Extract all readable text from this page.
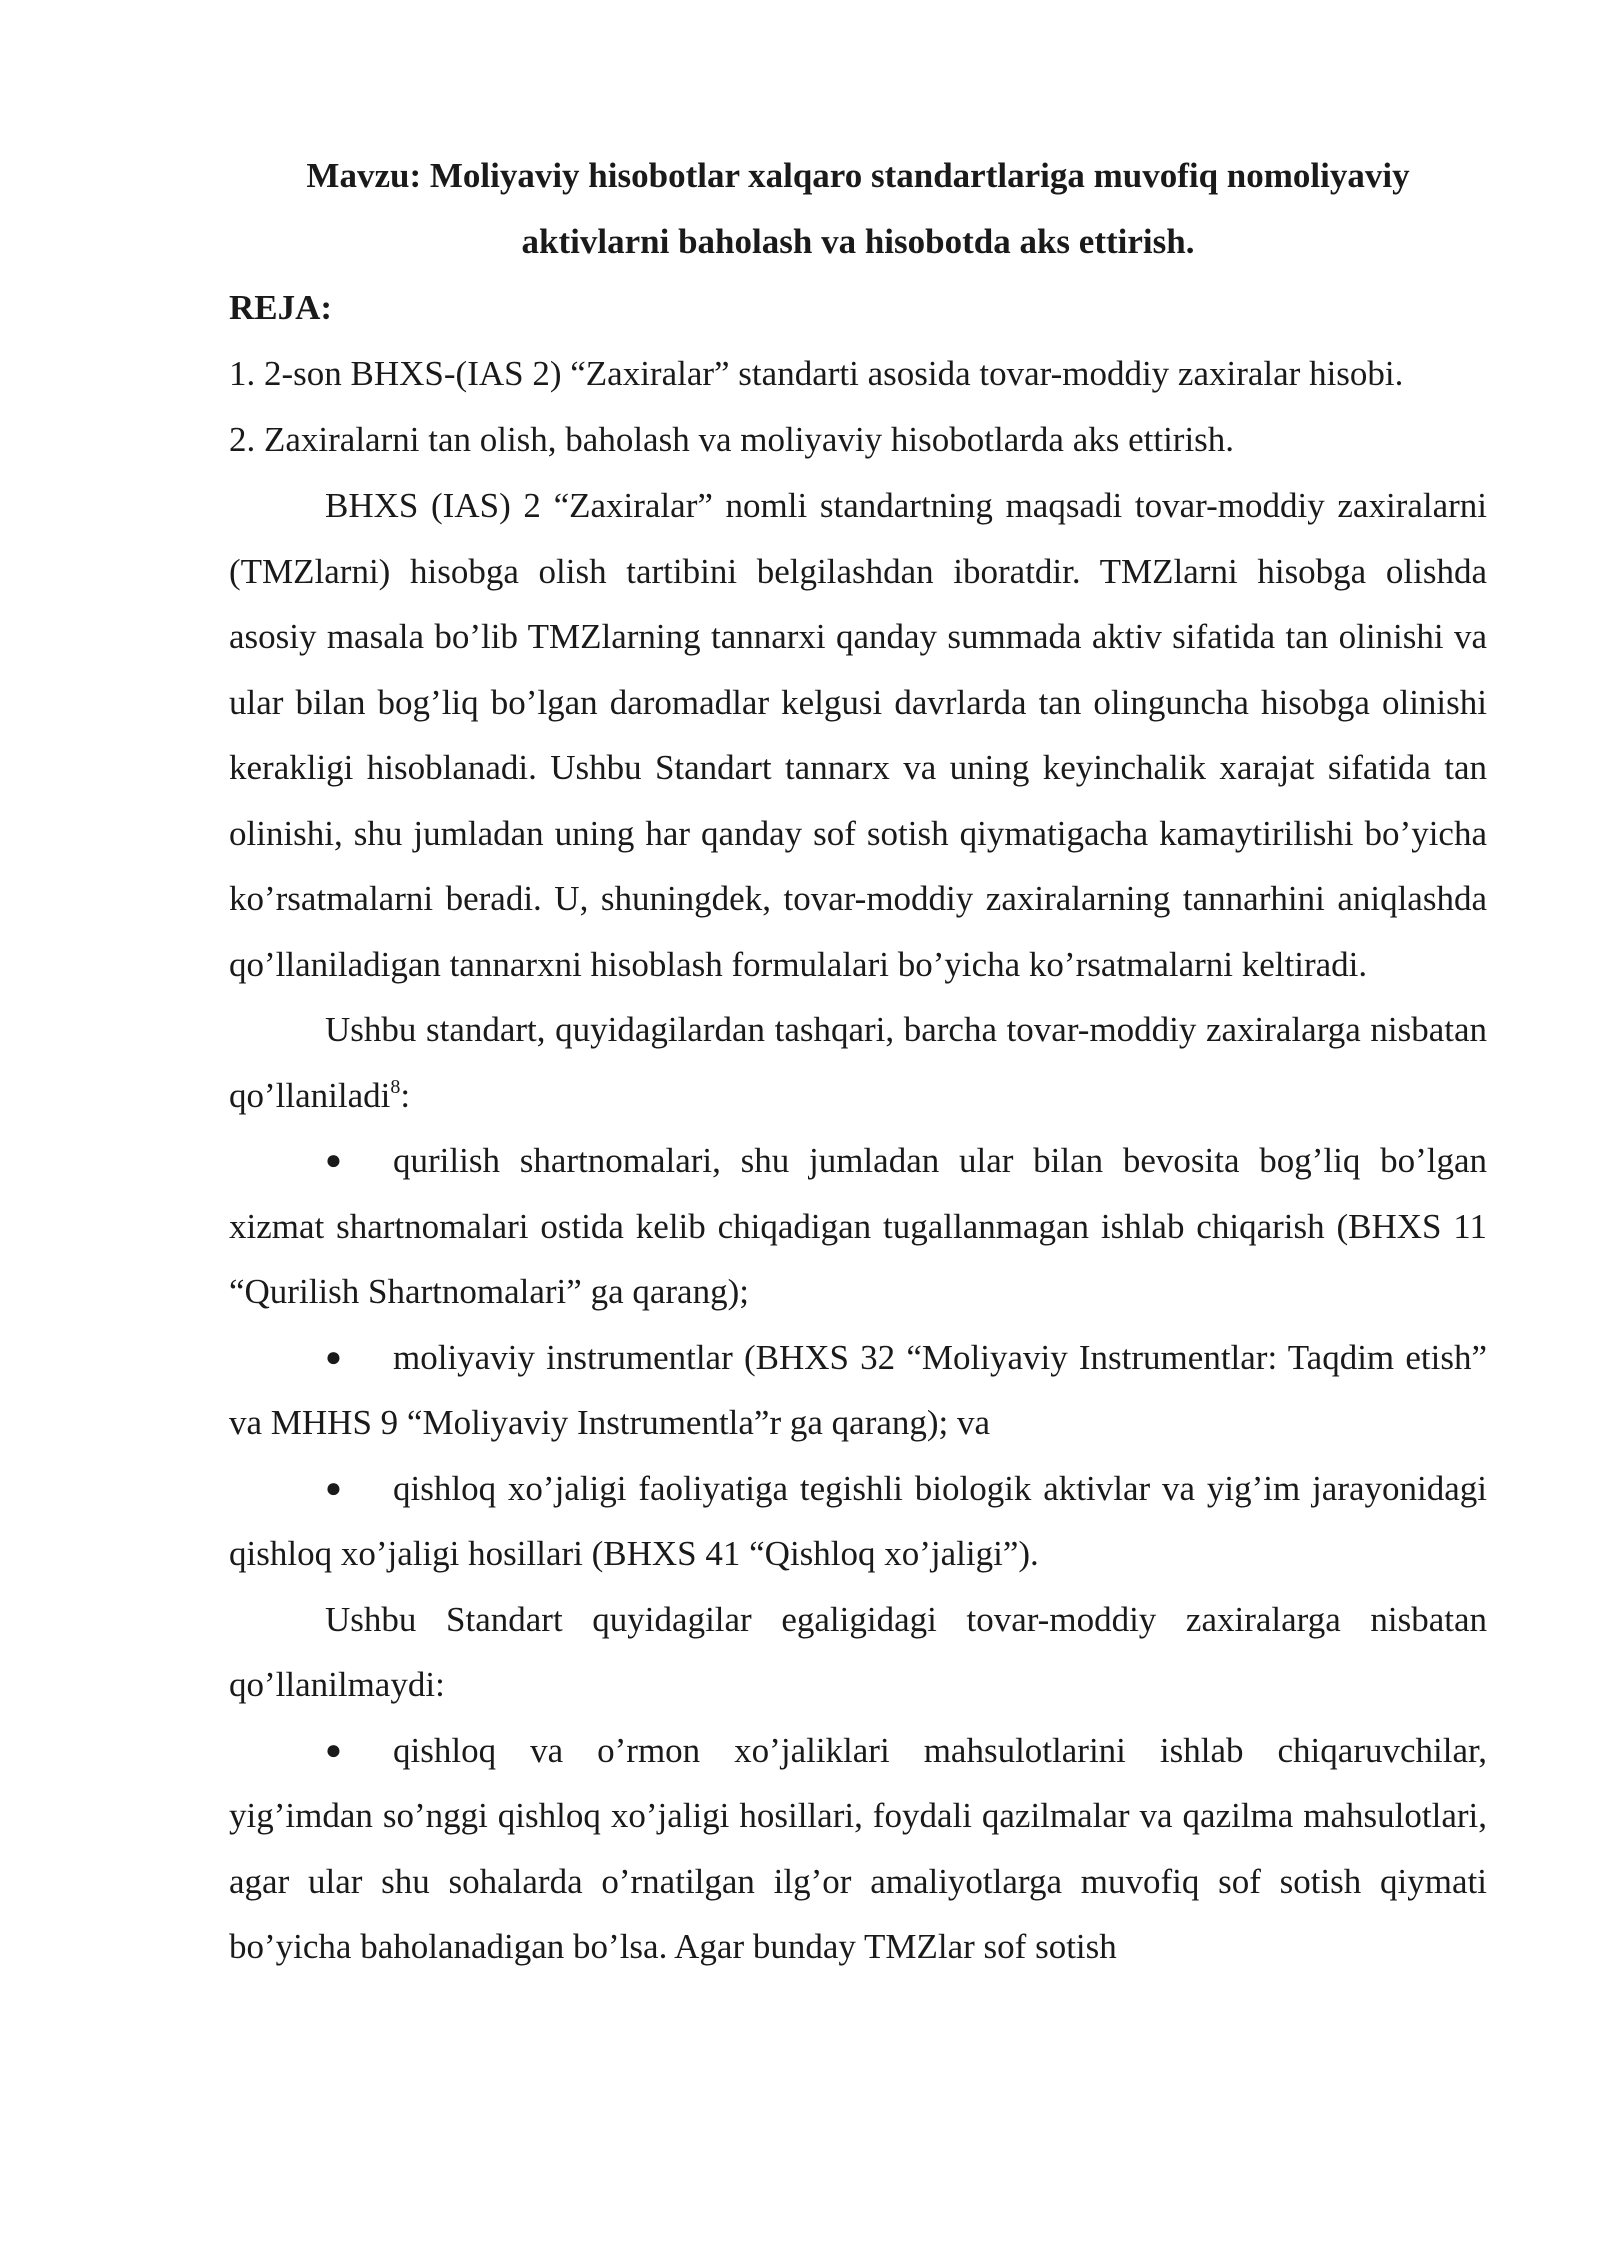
Mavzu: Moliyaviy hisobotlar xalqaro standartlariga muvofiq nomoliyaviy
aktivlarni baholash va hisobotda aks ettirish.

REJA:

1. 2-son BHXS-(IAS 2) “Zaxiralar” standarti asosida tovar-moddiy zaxiralar hisobi.

2. Zaxiralarni tan olish, baholash va moliyaviy hisobotlarda aks ettirish.

BHXS (IAS) 2 “Zaxiralar” nomli standartning maqsadi tovar-moddiy zaxiralarni (TMZlarni) hisobga olish tartibini belgilashdan iboratdir. TMZlarni hisobga olishda asosiy masala bo’lib TMZlarning tannarxi qanday summada aktiv sifatida tan olinishi va ular bilan bog’liq bo’lgan daromadlar kelgusi davrlarda tan olinguncha hisobga olinishi kerakligi hisoblanadi. Ushbu Standart tannarx va uning keyinchalik xarajat sifatida tan olinishi, shu jumladan uning har qanday sof sotish qiymatigacha kamaytirilishi bo’yicha ko’rsatmalarni beradi. U, shuningdek, tovar-moddiy zaxiralarning tannarhini aniqlashda qo’llaniladigan tannarxni hisoblash formulalari bo’yicha ko’rsatmalarni keltiradi.

Ushbu standart, quyidagilardan tashqari, barcha tovar-moddiy zaxiralarga nisbatan qo’llaniladi$^8$:

● qurilish shartnomalari, shu jumladan ular bilan bevosita bog’liq bo’lgan xizmat shartnomalari ostida kelib chiqadigan tugallanmagan ishlab chiqarish (BHXS 11 “Qurilish Shartnomalari” ga qarang);

● moliyaviy instrumentlar (BHXS 32 “Moliyaviy Instrumentlar: Taqdim etish” va MHHS 9 “Moliyaviy Instrumentla”r ga qarang); va

● qishloq xo’jaligi faoliyatiga tegishli biologik aktivlar va yig’im jarayonidagi qishloq xo’jaligi hosillari (BHXS 41 “Qishloq xo’jaligi”).

Ushbu Standart quyidagilar egaligidagi tovar-moddiy zaxiralarga nisbatan qo’llanilmaydi:

● qishloq va o’rmon xo’jaliklari mahsulotlarini ishlab chiqaruvchilar, yig’imdan so’nggi qishloq xo’jaligi hosillari, foydali qazilmalar va qazilma mahsulotlari, agar ular shu sohalarda o’rnatilgan ilg’or amaliyotlarga muvofiq sof sotish qiymati bo’yicha baholanadigan bo’lsa. Agar bunday TMZlar sof sotish
